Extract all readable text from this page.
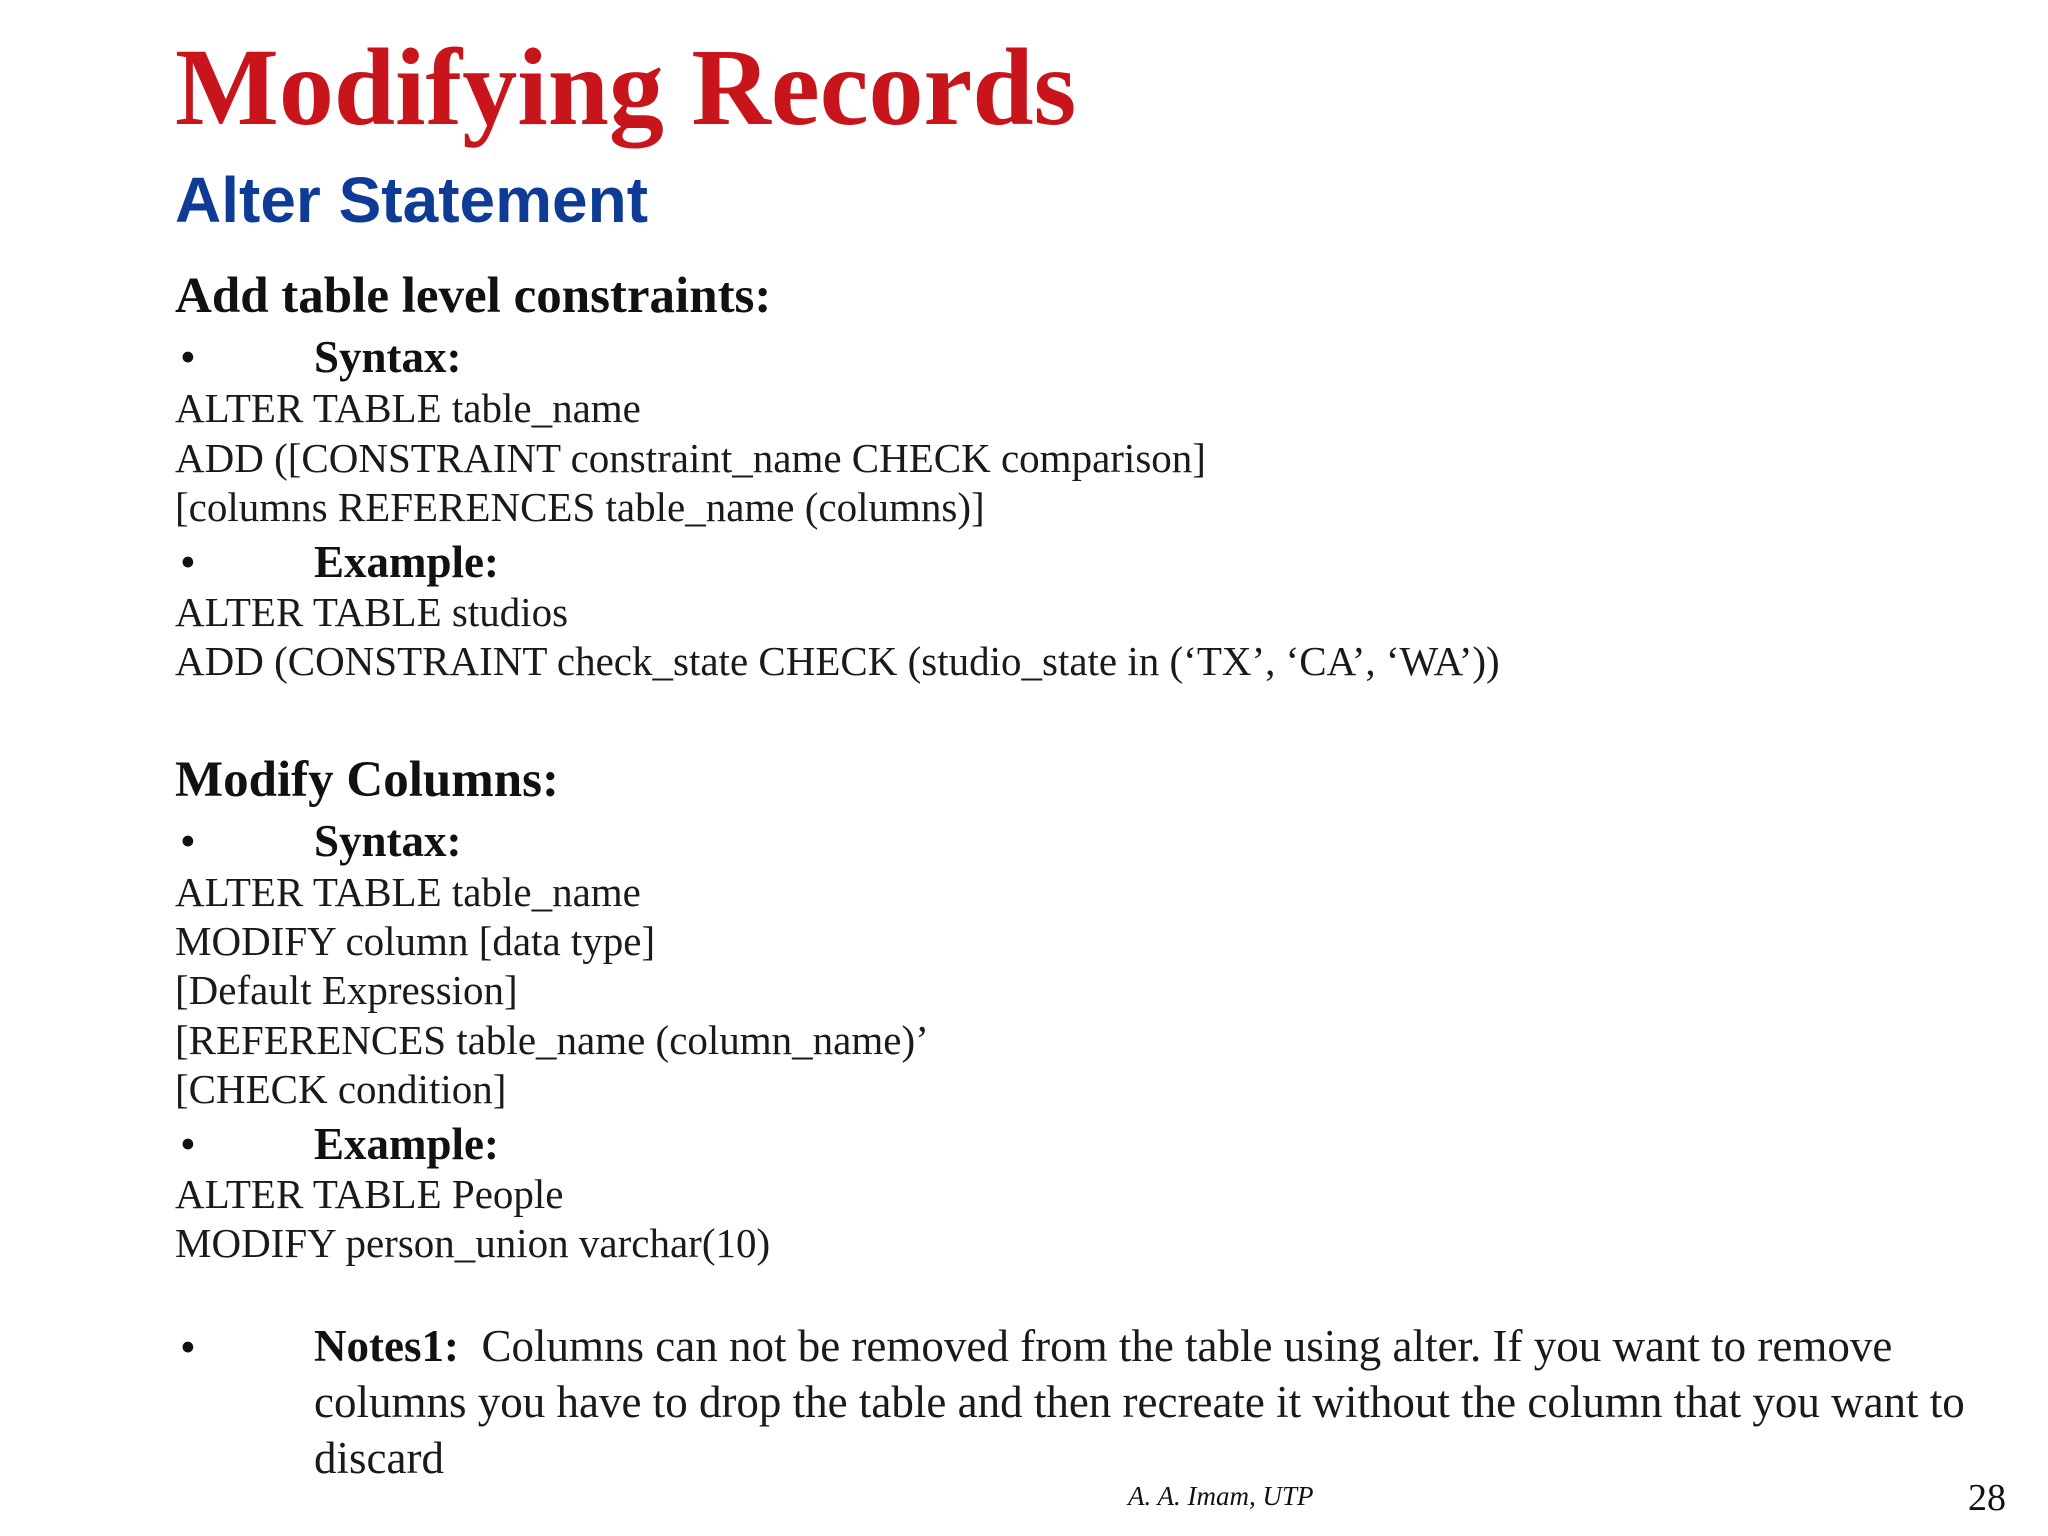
Modifying Records
Alter Statement
Add table level constraints:
•	Syntax:
ALTER TABLE table_name
ADD ([CONSTRAINT constraint_name CHECK comparison]
[columns REFERENCES table_name (columns)]
•	Example:
ALTER TABLE studios
ADD (CONSTRAINT check_state CHECK (studio_state in (‘TX’, ‘CA’, ‘WA’))
Modify Columns:
•	Syntax:
ALTER TABLE table_name
MODIFY column [data type]
[Default Expression]
[REFERENCES table_name (column_name)’
[CHECK condition]
•	Example:
ALTER TABLE People
MODIFY person_union varchar(10)
•	Notes1: Columns can not be removed from the table using alter. If you want to remove columns you have to drop the table and then recreate it without the column that you want to discard
A. A. Imam, UTP	28
